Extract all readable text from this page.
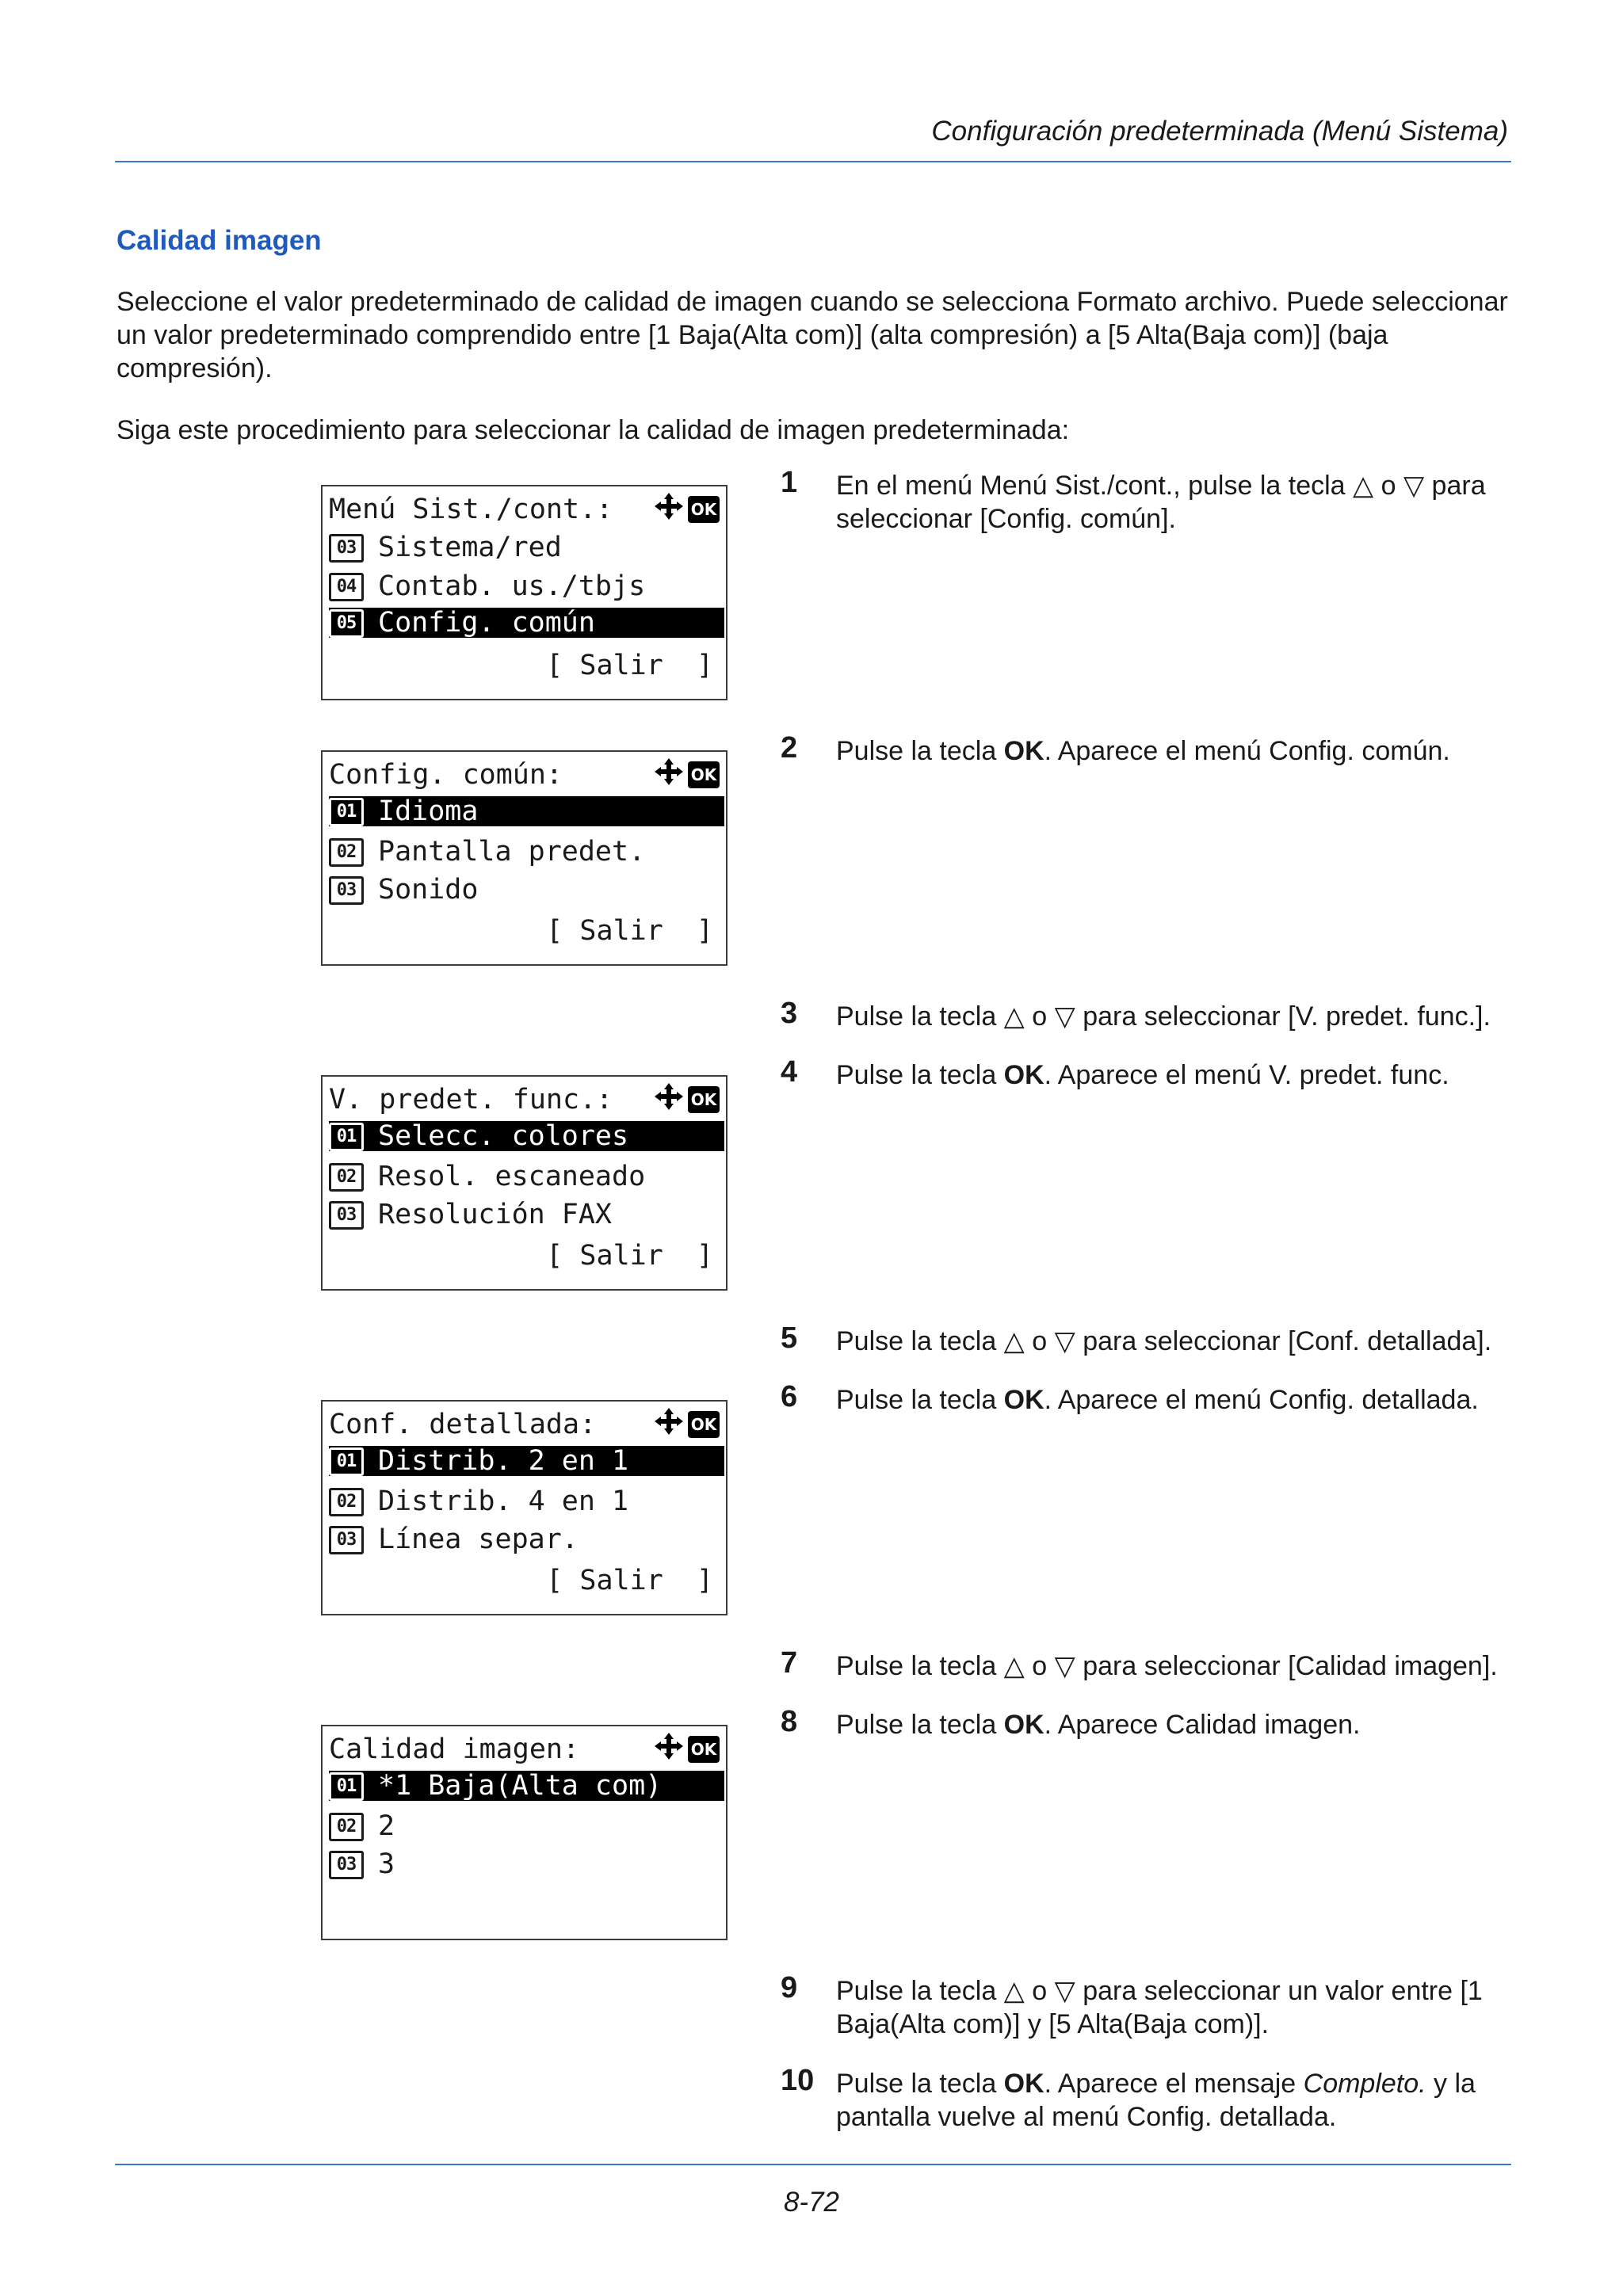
Configuración predeterminada (Menú Sistema)
Calidad imagen

Seleccione el valor predeterminado de calidad de imagen cuando se selecciona Formato archivo. Puede seleccionar un valor predeterminado comprendido entre [1 Baja(Alta com)] (alta compresión) a [5 Alta(Baja com)] (baja compresión).

Siga este procedimiento para seleccionar la calidad de imagen predeterminada:

Menú Sist./cont.:	OK
03 Sistema/red
04 Contab. us./tbjs
05 Config. común
[ Salir  ]
Config. común:	OK
01 Idioma
02 Pantalla predet.
03 Sonido
[ Salir  ]
V. predet. func.:	OK
01 Selecc. colores
02 Resol. escaneado
03 Resolución FAX
[ Salir  ]
Conf. detallada:	OK
01 Distrib. 2 en 1
02 Distrib. 4 en 1
03 Línea separ.
[ Salir  ]
Calidad imagen:	OK
01 *1 Baja(Alta com)
02 2
03 3
1 En el menú Menú Sist./cont., pulse la tecla △ o ▽ para seleccionar [Config. común].
2 Pulse la tecla OK. Aparece el menú Config. común.
3 Pulse la tecla △ o ▽ para seleccionar [V. predet. func.].
4 Pulse la tecla OK. Aparece el menú V. predet. func.
5 Pulse la tecla △ o ▽ para seleccionar [Conf. detallada].
6 Pulse la tecla OK. Aparece el menú Config. detallada.
7 Pulse la tecla △ o ▽ para seleccionar [Calidad imagen].
8 Pulse la tecla OK. Aparece Calidad imagen.
9 Pulse la tecla △ o ▽ para seleccionar un valor entre [1 Baja(Alta com)] y [5 Alta(Baja com)].
10 Pulse la tecla OK. Aparece el mensaje Completo. y la pantalla vuelve al menú Config. detallada.
8-72
